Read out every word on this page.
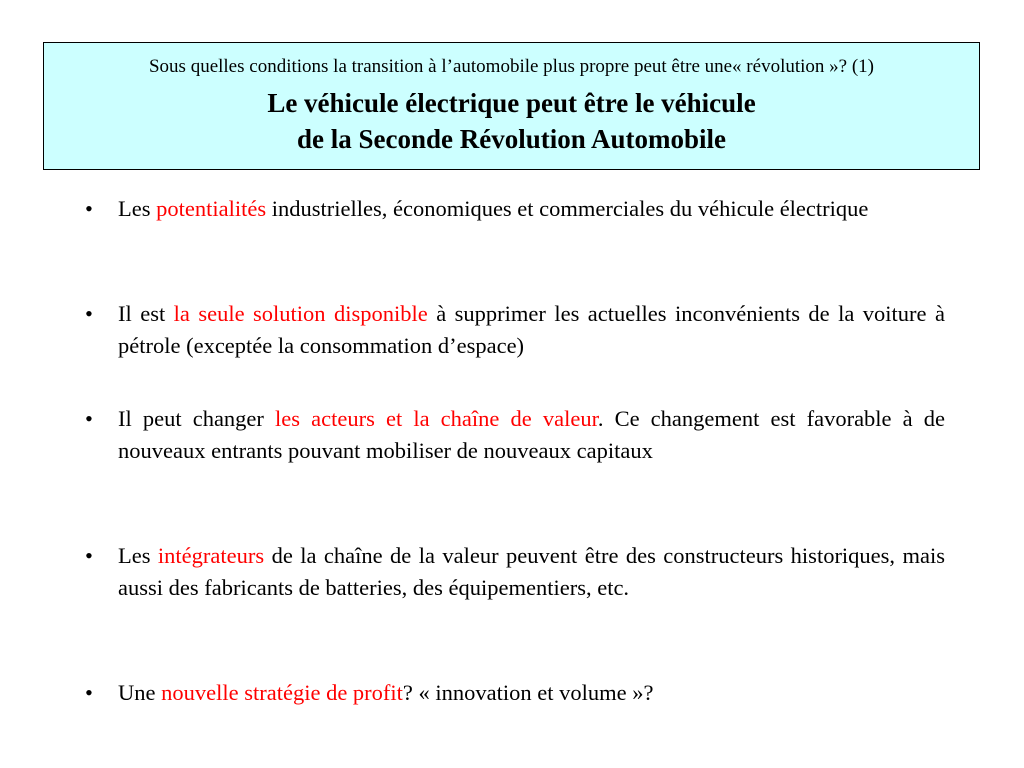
Sous quelles conditions la transition à l’automobile plus propre peut être une« révolution »? (1)
Le véhicule électrique peut être le véhicule
de la Seconde Révolution Automobile
• Les potentialités industrielles, économiques et commerciales du véhicule électrique
• Il est la seule solution disponible à supprimer les actuelles inconvénients de la voiture à pétrole (exceptée la consommation d’espace)
• Il peut changer les acteurs et la chaîne de valeur. Ce changement est favorable à de nouveaux entrants pouvant mobiliser de nouveaux capitaux
• Les intégrateurs de la chaîne de la valeur peuvent être des constructeurs historiques, mais aussi des fabricants de batteries, des équipementiers, etc.
• Une nouvelle stratégie de profit? « innovation et volume »?
